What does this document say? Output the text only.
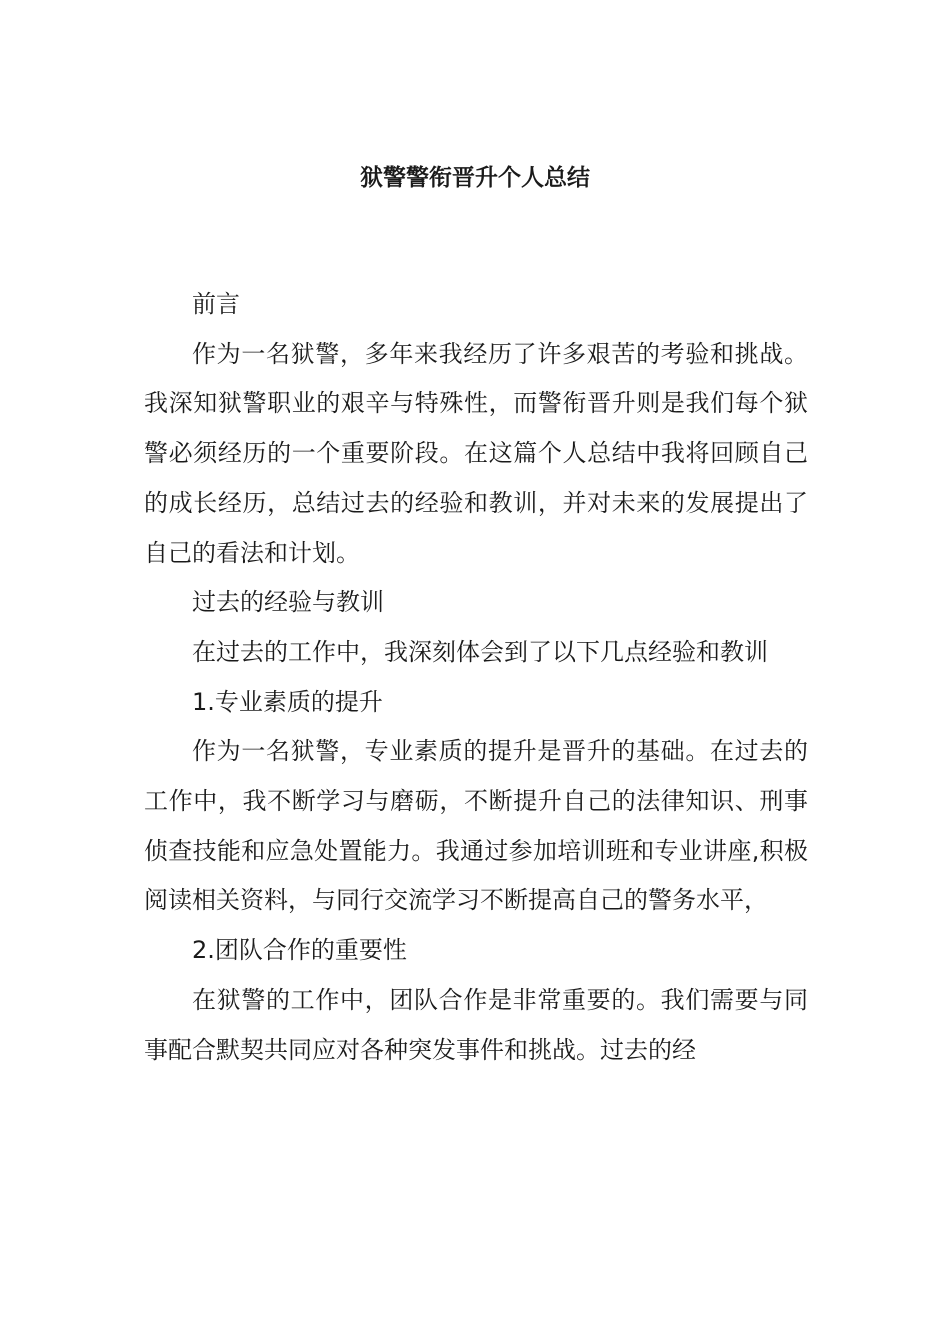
狱警警衔晋升个人总结

前言

作为一名狱警，多年来我经历了许多艰苦的考验和挑战。我深知狱警职业的艰辛与特殊性，而警衔晋升则是我们每个狱警必须经历的一个重要阶段。在这篇个人总结中我将回顾自己的成长经历，总结过去的经验和教训，并对未来的发展提出了自己的看法和计划。

过去的经验与教训

在过去的工作中，我深刻体会到了以下几点经验和教训

1.专业素质的提升

作为一名狱警，专业素质的提升是晋升的基础。在过去的工作中，我不断学习与磨砺，不断提升自己的法律知识、刑事侦查技能和应急处置能力。我通过参加培训班和专业讲座,积极阅读相关资料，与同行交流学习不断提高自己的警务水平，

2.团队合作的重要性

在狱警的工作中，团队合作是非常重要的。我们需要与同事配合默契共同应对各种突发事件和挑战。过去的经
